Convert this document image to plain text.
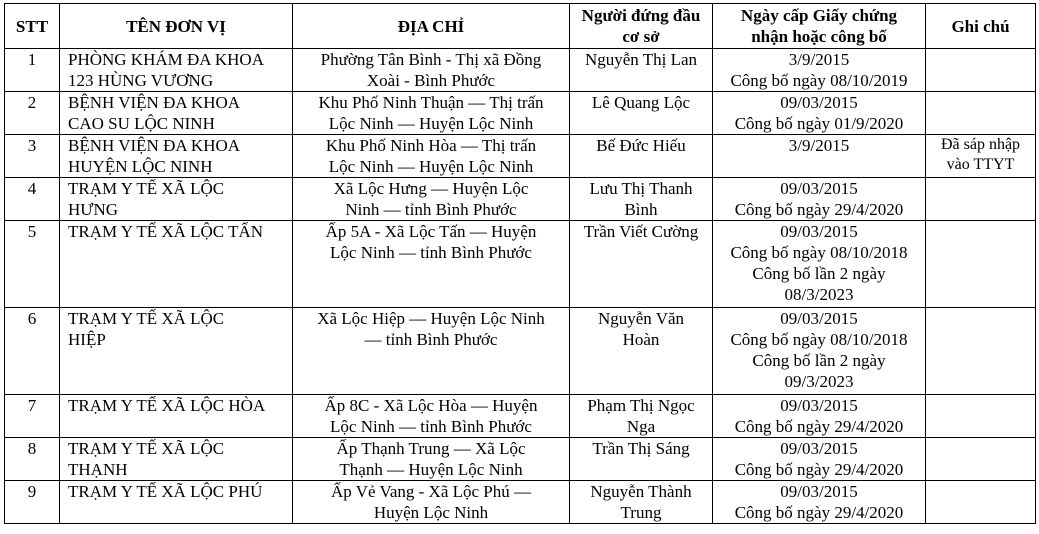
STT	TÊN ĐƠN VỊ	ĐỊA CHỈ	Người đứng đầu
cơ sở	Ngày cấp Giấy chứng
nhận hoặc công bố	Ghi chú
1	PHÒNG KHÁM ĐA KHOA
123 HÙNG VƯƠNG	Phường Tân Bình - Thị xã Đồng
Xoài - Bình Phước	Nguyễn Thị Lan	3/9/2015
Công bố ngày 08/10/2019	

2	BỆNH VIỆN ĐA KHOA
CAO SU LỘC NINH	Khu Phố Ninh Thuận — Thị trấn
Lộc Ninh — Huyện Lộc Ninh	Lê Quang Lộc	09/03/2015
Công bố ngày 01/9/2020	

3	BỆNH VIỆN ĐA KHOA
HUYỆN LỘC NINH	Khu Phố Ninh Hòa — Thị trấn
Lộc Ninh — Huyện Lộc Ninh	Bế Đức Hiếu	3/9/2015	Đã sáp nhập
vào TTYT

4	TRẠM Y TẾ XÃ LỘC
HƯNG	Xã Lộc Hưng — Huyện Lộc
Ninh — tỉnh Bình Phước	Lưu Thị Thanh
Bình	09/03/2015
Công bố ngày 29/4/2020	

5	TRẠM Y TẾ XÃ LỘC TẤN	Ấp 5A - Xã Lộc Tấn — Huyện
Lộc Ninh — tỉnh Bình Phước	Trần Viết Cường	09/03/2015
Công bố ngày 08/10/2018
Công bố lần 2 ngày
08/3/2023	

6	TRẠM Y TẾ XÃ LỘC
HIỆP	Xã Lộc Hiệp — Huyện Lộc Ninh
— tỉnh Bình Phước	Nguyễn Văn
Hoàn	09/03/2015
Công bố ngày 08/10/2018
Công bố lần 2 ngày
09/3/2023	

7	TRẠM Y TẾ XÃ LỘC HÒA	Ấp 8C - Xã Lộc Hòa — Huyện
Lộc Ninh — tỉnh Bình Phước	Phạm Thị Ngọc
Nga	09/03/2015
Công bố ngày 29/4/2020	

8	TRẠM Y TẾ XÃ LỘC
THẠNH	Ấp Thạnh Trung — Xã Lộc
Thạnh — Huyện Lộc Ninh	Trần Thị Sáng	09/03/2015
Công bố ngày 29/4/2020	

9	TRẠM Y TẾ XÃ LỘC PHÚ	Ấp Vẻ Vang - Xã Lộc Phú —
Huyện Lộc Ninh	Nguyễn Thành
Trung	09/03/2015
Công bố ngày 29/4/2020	
